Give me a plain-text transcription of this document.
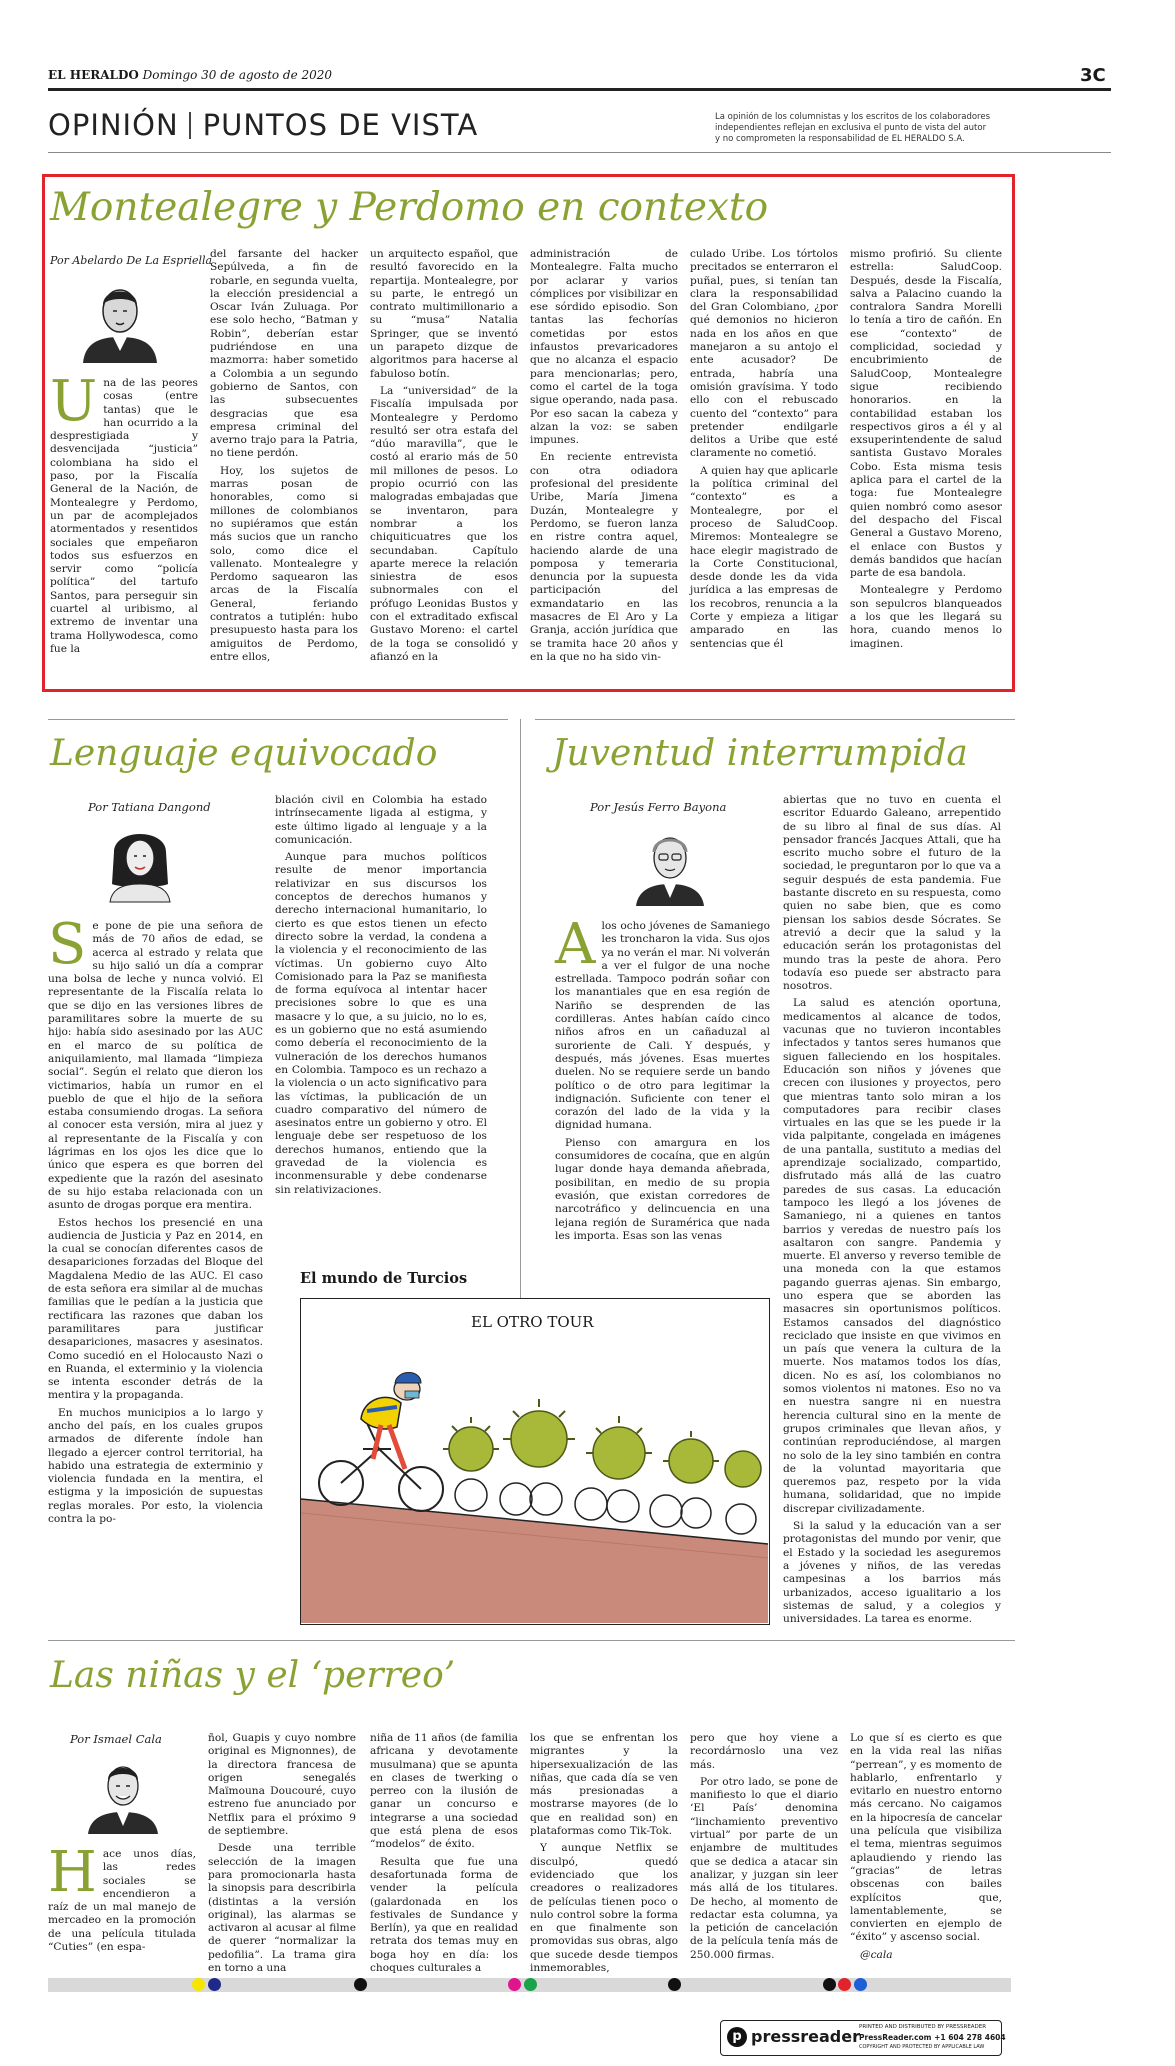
EL HERALDO Domingo 30 de agosto de 2020	3C
OPINIÓN PUNTOS DE VISTA	La opinión de los columnistas y los escritos de los colaboradores
independientes reflejan en exclusiva el punto de vista del autor
y no comprometen la responsabilidad de EL HERALDO S.A.
Montealegre y Perdomo en contexto
Por Abelardo De La Espriella

Una de las peores cosas (entre tantas) que le han ocurrido a la desprestigiada y desvencijada “justicia” colombiana ha sido el paso, por la Fiscalía General de la Nación, de Montealegre y Perdomo, un par de acomplejados atormentados y resentidos sociales que empeñaron todos sus esfuerzos en servir como “policía política” del tartufo Santos, para perseguir sin cuartel al uribismo, al extremo de inventar una trama Hollywodesca, como fue la

del farsante del hacker Sepúlveda, a fin de robarle, en segunda vuelta, la elección presidencial a Oscar Iván Zuluaga. Por ese solo hecho, “Batman y Robin”, deberían estar pudriéndose en una mazmorra: haber sometido a Colombia a un segundo gobierno de Santos, con las subsecuentes desgracias que esa empresa criminal del averno trajo para la Patria, no tiene perdón.

Hoy, los sujetos de marras posan de honorables, como si millones de colombianos no supiéramos que están más sucios que un rancho solo, como dice el vallenato. Montealegre y Perdomo saquearon las arcas de la Fiscalía General, feriando contratos a tutiplén: hubo presupuesto hasta para los amiguitos de Perdomo, entre ellos,

un arquitecto español, que resultó favorecido en la repartija. Montealegre, por su parte, le entregó un contrato multimillonario a su “musa” Natalia Springer, que se inventó un parapeto dizque de algoritmos para hacerse al fabuloso botín.

La “universidad” de la Fiscalía impulsada por Montealegre y Perdomo resultó ser otra estafa del “dúo maravilla”, que le costó al erario más de 50 mil millones de pesos. Lo propio ocurrió con las malogradas embajadas que se inventaron, para nombrar a los chiquiticuatres que los secundaban. Capítulo aparte merece la relación siniestra de esos subnormales con el prófugo Leonidas Bustos y con el extraditado exfiscal Gustavo Moreno: el cartel de la toga se consolidó y afianzó en la

administración de Montealegre. Falta mucho por aclarar y varios cómplices por visibilizar en ese sórdido episodio. Son tantas las fechorías cometidas por estos infaustos prevaricadores que no alcanza el espacio para mencionarlas; pero, como el cartel de la toga sigue operando, nada pasa. Por eso sacan la cabeza y alzan la voz: se saben impunes.

En reciente entrevista con otra odiadora profesional del presidente Uribe, María Jimena Duzán, Montealegre y Perdomo, se fueron lanza en ristre contra aquel, haciendo alarde de una pomposa y temeraria denuncia por la supuesta participación del exmandatario en las masacres de El Aro y La Granja, acción jurídica que se tramita hace 20 años y en la que no ha sido vin-

culado Uribe. Los tórtolos precitados se enterraron el puñal, pues, si tenían tan clara la responsabilidad del Gran Colombiano, ¿por qué demonios no hicieron nada en los años en que manejaron a su antojo el ente acusador? De entrada, habría una omisión gravísima. Y todo ello con el rebuscado cuento del “contexto” para pretender endilgarle delitos a Uribe que esté claramente no cometió.

A quien hay que aplicarle la política criminal del “contexto” es a Montealegre, por el proceso de SaludCoop. Miremos: Montealegre se hace elegir magistrado de la Corte Constitucional, desde donde les da vida jurídica a las empresas de los recobros, renuncia a la Corte y empieza a litigar amparado en las sentencias que él

mismo profirió. Su cliente estrella: SaludCoop. Después, desde la Fiscalía, salva a Palacino cuando la contralora Sandra Morelli lo tenía a tiro de cañón. En ese “contexto” de complicidad, sociedad y encubrimiento de SaludCoop, Montealegre sigue recibiendo honorarios. en la contabilidad estaban los respectivos giros a él y al exsuperintendente de salud santista Gustavo Morales Cobo. Esta misma tesis aplica para el cartel de la toga: fue Montealegre quien nombró como asesor del despacho del Fiscal General a Gustavo Moreno, el enlace con Bustos y demás bandidos que hacían parte de esa bandola.

Montealegre y Perdomo son sepulcros blanqueados a los que les llegará su hora, cuando menos lo imaginen.

Lenguaje equivocado
Por Tatiana Dangond

Se pone de pie una señora de más de 70 años de edad, se acerca al estrado y relata que su hijo salió un día a comprar una bolsa de leche y nunca volvió. El representante de la Fiscalía relata lo que se dijo en las versiones libres de paramilitares sobre la muerte de su hijo: había sido asesinado por las AUC en el marco de su política de aniquilamiento, mal llamada “limpieza social”. Según el relato que dieron los victimarios, había un rumor en el pueblo de que el hijo de la señora estaba consumiendo drogas. La señora al conocer esta versión, mira al juez y al representante de la Fiscalía y con lágrimas en los ojos les dice que lo único que espera es que borren del expediente que la razón del asesinato de su hijo estaba relacionada con un asunto de drogas porque era mentira.

Estos hechos los presencié en una audiencia de Justicia y Paz en 2014, en la cual se conocían diferentes casos de desapariciones forzadas del Bloque del Magdalena Medio de las AUC. El caso de esta señora era similar al de muchas familias que le pedían a la justicia que rectificara las razones que daban los paramilitares para justificar desapariciones, masacres y asesinatos. Como sucedió en el Holocausto Nazi o en Ruanda, el exterminio y la violencia se intenta esconder detrás de la mentira y la propaganda.

En muchos municipios a lo largo y ancho del país, en los cuales grupos armados de diferente índole han llegado a ejercer control territorial, ha habido una estrategia de exterminio y violencia fundada en la mentira, el estigma y la imposición de supuestas reglas morales. Por esto, la violencia contra la po-

blación civil en Colombia ha estado intrínsecamente ligada al estigma, y este último ligado al lenguaje y a la comunicación.

Aunque para muchos políticos resulte de menor importancia relativizar en sus discursos los conceptos de derechos humanos y derecho internacional humanitario, lo cierto es que estos tienen un efecto directo sobre la verdad, la condena a la violencia y el reconocimiento de las víctimas. Un gobierno cuyo Alto Comisionado para la Paz se manifiesta de forma equívoca al intentar hacer precisiones sobre lo que es una masacre y lo que, a su juicio, no lo es, es un gobierno que no está asumiendo como debería el reconocimiento de la vulneración de los derechos humanos en Colombia. Tampoco es un rechazo a la violencia o un acto significativo para las víctimas, la publicación de un cuadro comparativo del número de asesinatos entre un gobierno y otro. El lenguaje debe ser respetuoso de los derechos humanos, entiendo que la gravedad de la violencia es inconmensurable y debe condenarse sin relativizaciones.

Juventud interrumpida
Por Jesús Ferro Bayona

Alos ocho jóvenes de Samaniego les troncharon la vida. Sus ojos ya no verán el mar. Ni volverán a ver el fulgor de una noche estrellada. Tampoco podrán soñar con los manantiales que en esa región de Nariño se desprenden de las cordilleras. Antes habían caído cinco niños afros en un cañaduzal al suroriente de Cali. Y después, y después, más jóvenes. Esas muertes duelen. No se requiere serde un bando político o de otro para legitimar la indignación. Suficiente con tener el corazón del lado de la vida y la dignidad humana.

Pienso con amargura en los consumidores de cocaína, que en algún lugar donde haya demanda añebrada, posibilitan, en medio de su propia evasión, que existan corredores de narcotráfico y delincuencia en una lejana región de Suramérica que nada les importa. Esas son las venas

abiertas que no tuvo en cuenta el escritor Eduardo Galeano, arrepentido de su libro al final de sus días. Al pensador francés Jacques Attali, que ha escrito mucho sobre el futuro de la sociedad, le preguntaron por lo que va a seguir después de esta pandemia. Fue bastante discreto en su respuesta, como quien no sabe bien, que es como piensan los sabios desde Sócrates. Se atrevió a decir que la salud y la educación serán los protagonistas del mundo tras la peste de ahora. Pero todavía eso puede ser abstracto para nosotros.

La salud es atención oportuna, medicamentos al alcance de todos, vacunas que no tuvieron incontables infectados y tantos seres humanos que siguen falleciendo en los hospitales. Educación son niños y jóvenes que crecen con ilusiones y proyectos, pero que mientras tanto solo miran a los computadores para recibir clases virtuales en las que se les puede ir la vida palpitante, congelada en imágenes de una pantalla, sustituto a medias del aprendizaje socializado, compartido, disfrutado más allá de las cuatro paredes de sus casas. La educación tampoco les llegó a los jóvenes de Samaniego, ni a quienes en tantos barrios y veredas de nuestro país los asaltaron con sangre. Pandemia y muerte. El anverso y reverso temible de una moneda con la que estamos pagando guerras ajenas. Sin embargo, uno espera que se aborden las masacres sin oportunismos políticos. Estamos cansados del diagnóstico reciclado que insiste en que vivimos en un país que venera la cultura de la muerte. Nos matamos todos los días, dicen. No es así, los colombianos no somos violentos ni matones. Eso no va en nuestra sangre ni en nuestra herencia cultural sino en la mente de grupos criminales que llevan años, y continúan reproduciéndose, al margen no solo de la ley sino también en contra de la voluntad mayoritaria que queremos paz, respeto por la vida humana, solidaridad, que no impide discrepar civilizadamente.

Si la salud y la educación van a ser protagonistas del mundo por venir, que el Estado y la sociedad les aseguremos a jóvenes y niños, de las veredas campesinas a los barrios más urbanizados, acceso igualitario a los sistemas de salud, y a colegios y universidades. La tarea es enorme.

El mundo de Turcios
EL OTRO TOUR
Las niñas y el ‘perreo’
Por Ismael Cala

Hace unos días, las redes sociales se encendieron a raíz de un mal manejo de mercadeo en la promoción de una película titulada “Cuties” (en espa-

ñol, Guapis y cuyo nombre original es Mignonnes), de la directora francesa de origen senegalés Maïmouna Doucouré, cuyo estreno fue anunciado por Netflix para el próximo 9 de septiembre.

Desde una terrible selección de la imagen para promocionarla hasta la sinopsis para describirla (distintas a la versión original), las alarmas se activaron al acusar al filme de querer “normalizar la pedofilia”. La trama gira en torno a una

niña de 11 años (de familia africana y devotamente musulmana) que se apunta en clases de twerking o perreo con la ilusión de ganar un concurso e integrarse a una sociedad que está plena de esos “modelos” de éxito.

Resulta que fue una desafortunada forma de vender la película (galardonada en los festivales de Sundance y Berlín), ya que en realidad retrata dos temas muy en boga hoy en día: los choques culturales a

los que se enfrentan los migrantes y la hipersexualización de las niñas, que cada día se ven más presionadas a mostrarse mayores (de lo que en realidad son) en plataformas como Tik-Tok.

Y aunque Netflix se disculpó, quedó evidenciado que los creadores o realizadores de películas tienen poco o nulo control sobre la forma en que finalmente son promovidas sus obras, algo que sucede desde tiempos inmemorables,

pero que hoy viene a recordárnoslo una vez más.

Por otro lado, se pone de manifiesto lo que el diario ‘El País’ denomina “linchamiento preventivo virtual” por parte de un enjambre de multitudes que se dedica a atacar sin analizar, y juzgan sin leer más allá de los titulares. De hecho, al momento de redactar esta columna, ya la petición de cancelación de la película tenía más de 250.000 firmas.

Lo que sí es cierto es que en la vida real las niñas “perrean”, y es momento de hablarlo, enfrentarlo y evitarlo en nuestro entorno más cercano. No caigamos en la hipocresía de cancelar una película que visibiliza el tema, mientras seguimos aplaudiendo y riendo las “gracias” de letras obscenas con bailes explícitos que, lamentablemente, se convierten en ejemplo de “éxito” y ascenso social.

@cala

p pressreader PRINTED AND DISTRIBUTED BY PRESSREADER
PressReader.com +1 604 278 4604
COPYRIGHT AND PROTECTED BY APPLICABLE LAW
